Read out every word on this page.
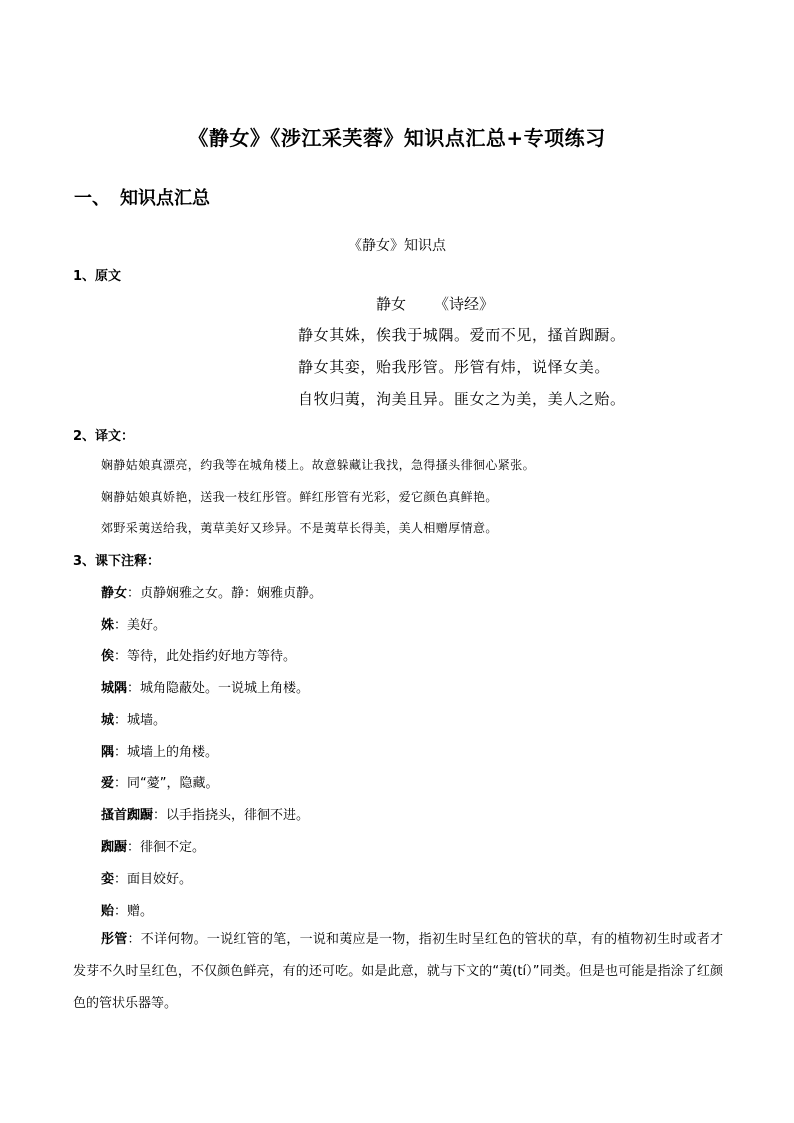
《静女》《涉江采芙蓉》知识点汇总+专项练习
一、 知识点汇总
《静女》知识点
1、原文
静女 《诗经》
静女其姝，俟我于城隅。爱而不见，搔首踟蹰。
静女其娈，贻我彤管。彤管有炜，说怿女美。
自牧归荑，洵美且异。匪女之为美，美人之贻。
2、译文：
娴静姑娘真漂亮，约我等在城角楼上。故意躲藏让我找，急得搔头徘徊心紧张。
娴静姑娘真娇艳，送我一枝红彤管。鲜红彤管有光彩，爱它颜色真鲜艳。
郊野采荑送给我，荑草美好又珍异。不是荑草长得美，美人相赠厚情意。
3、课下注释：
静女：贞静娴雅之女。静：娴雅贞静。
姝：美好。
俟：等待，此处指约好地方等待。
城隅：城角隐蔽处。一说城上角楼。
城：城墙。
隅：城墙上的角楼。
爱：同“薆”，隐藏。
搔首踟蹰：以手指挠头，徘徊不进。
踟蹰：徘徊不定。
娈：面目姣好。
贻：赠。
彤管：不详何物。一说红管的笔，一说和荑应是一物，指初生时呈红色的管状的草，有的植物初生时或者才发芽不久时呈红色，不仅颜色鲜亮，有的还可吃。如是此意，就与下文的“荑(tí）”同类。但是也可能是指涂了红颜色的管状乐器等。
